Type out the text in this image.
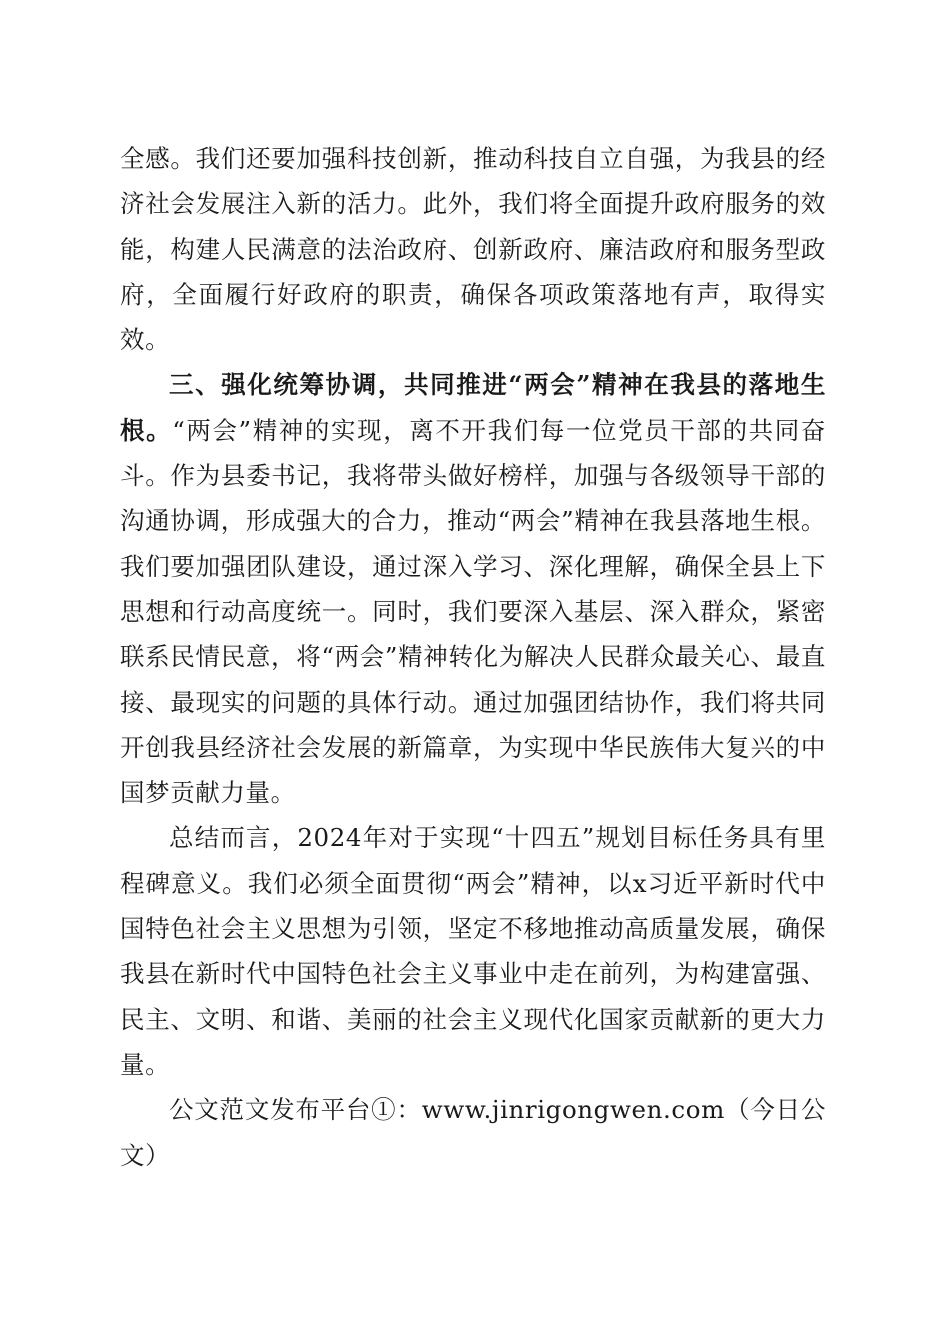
全感。我们还要加强科技创新，推动科技自立自强，为我县的经济社会发展注入新的活力。此外，我们将全面提升政府服务的效能，构建人民满意的法治政府、创新政府、廉洁政府和服务型政府，全面履行好政府的职责，确保各项政策落地有声，取得实效。

三、强化统筹协调，共同推进“两会”精神在我县的落地生根。“两会”精神的实现，离不开我们每一位党员干部的共同奋斗。作为县委书记，我将带头做好榜样，加强与各级领导干部的沟通协调，形成强大的合力，推动“两会”精神在我县落地生根。我们要加强团队建设，通过深入学习、深化理解，确保全县上下思想和行动高度统一。同时，我们要深入基层、深入群众，紧密联系民情民意，将“两会”精神转化为解决人民群众最关心、最直接、最现实的问题的具体行动。通过加强团结协作，我们将共同开创我县经济社会发展的新篇章，为实现中华民族伟大复兴的中国梦贡献力量。

总结而言，2024年对于实现“十四五”规划目标任务具有里程碑意义。我们必须全面贯彻“两会”精神，以x习近平新时代中国特色社会主义思想为引领，坚定不移地推动高质量发展，确保我县在新时代中国特色社会主义事业中走在前列，为构建富强、民主、文明、和谐、美丽的社会主义现代化国家贡献新的更大力量。

公文范文发布平台①：www.jinrigongwen.com（今日公文）
